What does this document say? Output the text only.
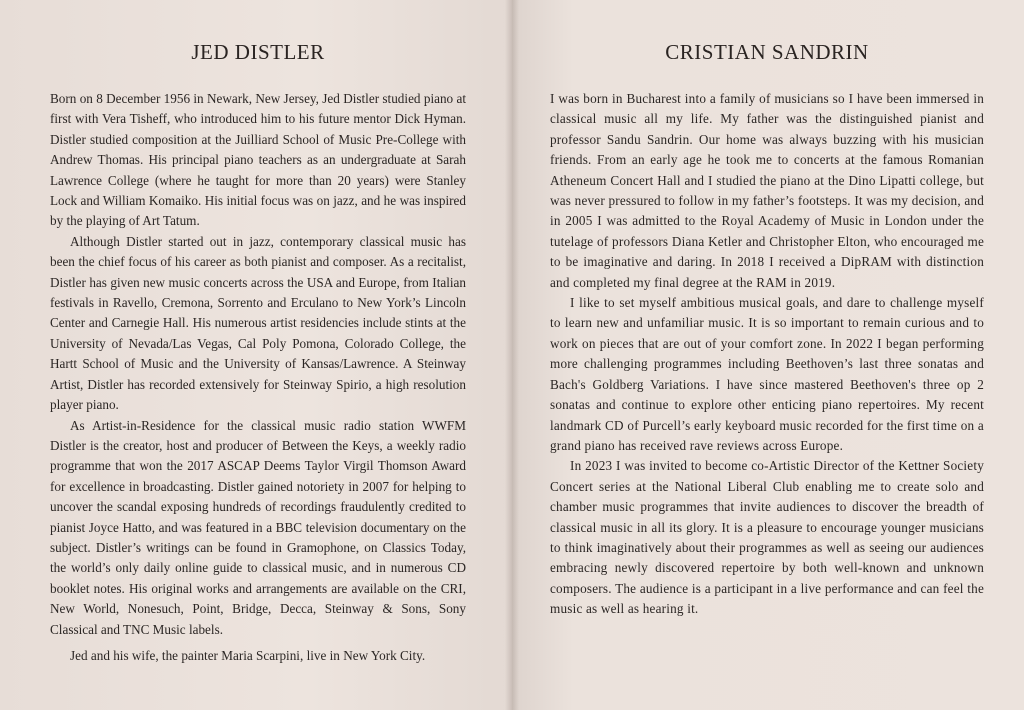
JED DISTLER

Born on 8 December 1956 in Newark, New Jersey, Jed Distler studied piano at first with Vera Tisheff, who introduced him to his future mentor Dick Hyman. Distler studied composition at the Juilliard School of Music Pre-College with Andrew Thomas. His principal piano teachers as an undergraduate at Sarah Lawrence College (where he taught for more than 20 years) were Stanley Lock and William Komaiko. His initial focus was on jazz, and he was inspired by the playing of Art Tatum.

Although Distler started out in jazz, contemporary classical music has been the chief focus of his career as both pianist and composer. As a recitalist, Distler has given new music concerts across the USA and Europe, from Italian festivals in Ravello, Cremona, Sorrento and Erculano to New York’s Lincoln Center and Carnegie Hall. His numerous artist residencies include stints at the University of Nevada/Las Vegas, Cal Poly Pomona, Colorado College, the Hartt School of Music and the University of Kansas/Lawrence. A Steinway Artist, Distler has recorded extensively for Steinway Spirio, a high resolution player piano.

As Artist-in-Residence for the classical music radio station WWFM Distler is the creator, host and producer of Between the Keys, a weekly radio programme that won the 2017 ASCAP Deems Taylor Virgil Thomson Award for excellence in broadcasting. Distler gained notoriety in 2007 for helping to uncover the scandal exposing hundreds of recordings fraudulently credited to pianist Joyce Hatto, and was featured in a BBC television documentary on the subject. Distler’s writings can be found in Gramophone, on Classics Today, the world’s only daily online guide to classical music, and in numerous CD booklet notes. His original works and arrangements are available on the CRI, New World, Nonesuch, Point, Bridge, Decca, Steinway & Sons, Sony Classical and TNC Music labels.

Jed and his wife, the painter Maria Scarpini, live in New York City.

CRISTIAN SANDRIN

I was born in Bucharest into a family of musicians so I have been immersed in classical music all my life. My father was the distinguished pianist and professor Sandu Sandrin. Our home was always buzzing with his musician friends. From an early age he took me to concerts at the famous Romanian Atheneum Concert Hall and I studied the piano at the Dino Lipatti college, but was never pressured to follow in my father’s footsteps. It was my decision, and in 2005 I was admitted to the Royal Academy of Music in London under the tutelage of professors Diana Ketler and Christopher Elton, who encouraged me to be imaginative and daring. In 2018 I received a DipRAM with distinction and completed my final degree at the RAM in 2019.

I like to set myself ambitious musical goals, and dare to challenge myself to learn new and unfamiliar music. It is so important to remain curious and to work on pieces that are out of your comfort zone. In 2022 I began performing more challenging programmes including Beethoven’s last three sonatas and Bach's Goldberg Variations. I have since mastered Beethoven's three op 2 sonatas and continue to explore other enticing piano repertoires. My recent landmark CD of Purcell’s early keyboard music recorded for the first time on a grand piano has received rave reviews across Europe.

In 2023 I was invited to become co-Artistic Director of the Kettner Society Concert series at the National Liberal Club enabling me to create solo and chamber music programmes that invite audiences to discover the breadth of classical music in all its glory. It is a pleasure to encourage younger musicians to think imaginatively about their programmes as well as seeing our audiences embracing newly discovered repertoire by both well-known and unknown composers. The audience is a participant in a live performance and can feel the music as well as hearing it.
